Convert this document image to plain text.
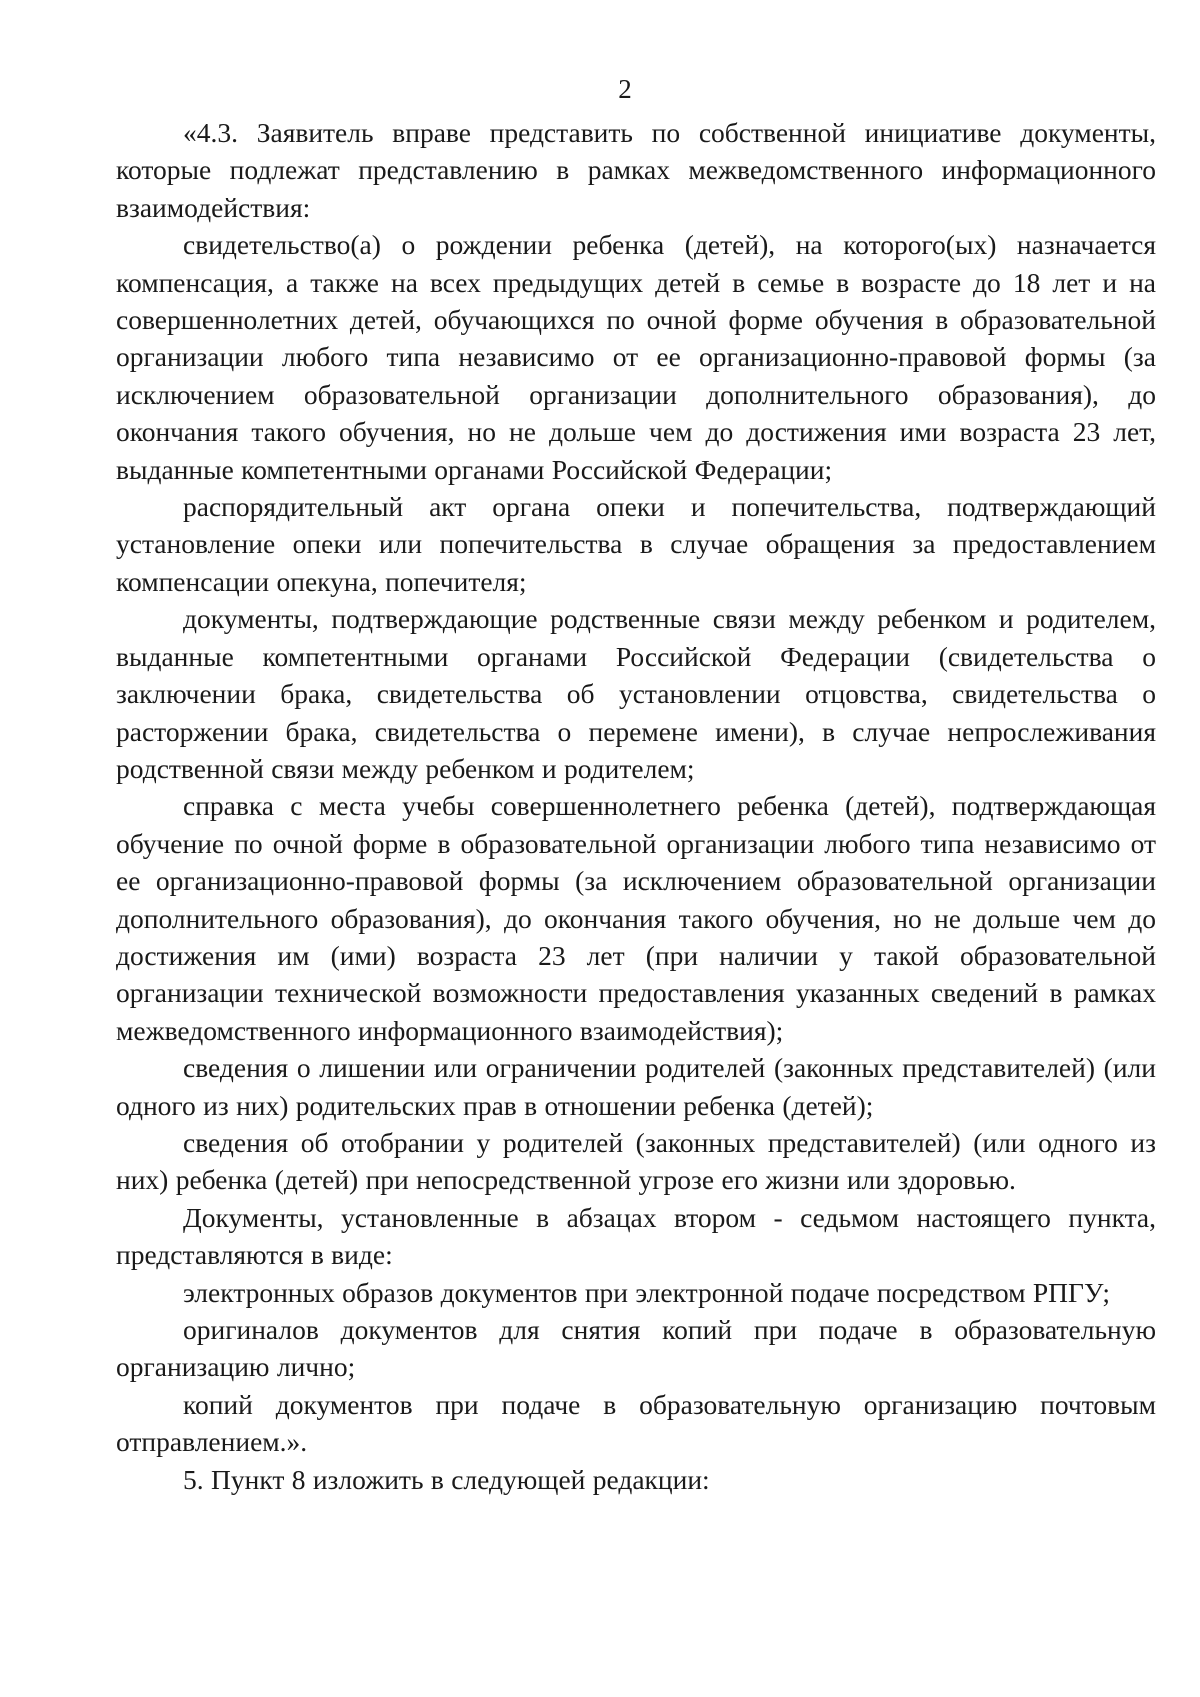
2

«4.3. Заявитель вправе представить по собственной инициативе документы, которые подлежат представлению в рамках межведомственного информационного взаимодействия:

свидетельство(а) о рождении ребенка (детей), на которого(ых) назначается компенсация, а также на всех предыдущих детей в семье в возрасте до 18 лет и на совершеннолетних детей, обучающихся по очной форме обучения в образовательной организации любого типа независимо от ее организационно-правовой формы (за исключением образовательной организации дополнительного образования), до окончания такого обучения, но не дольше чем до достижения ими возраста 23 лет, выданные компетентными органами Российской Федерации;

распорядительный акт органа опеки и попечительства, подтверждающий установление опеки или попечительства в случае обращения за предоставлением компенсации опекуна, попечителя;

документы, подтверждающие родственные связи между ребенком и родителем, выданные компетентными органами Российской Федерации (свидетельства о заключении брака, свидетельства об установлении отцовства, свидетельства о расторжении брака, свидетельства о перемене имени), в случае непрослеживания родственной связи между ребенком и родителем;

справка с места учебы совершеннолетнего ребенка (детей), подтверждающая обучение по очной форме в образовательной организации любого типа независимо от ее организационно-правовой формы (за исключением образовательной организации дополнительного образования), до окончания такого обучения, но не дольше чем до достижения им (ими) возраста 23 лет (при наличии у такой образовательной организации технической возможности предоставления указанных сведений в рамках межведомственного информационного взаимодействия);

сведения о лишении или ограничении родителей (законных представителей) (или одного из них) родительских прав в отношении ребенка (детей);

сведения об отобрании у родителей (законных представителей) (или одного из них) ребенка (детей) при непосредственной угрозе его жизни или здоровью.

Документы, установленные в абзацах втором - седьмом настоящего пункта, представляются в виде:

электронных образов документов при электронной подаче посредством РПГУ;

оригиналов документов для снятия копий при подаче в образовательную организацию лично;

копий документов при подаче в образовательную организацию почтовым отправлением.».

5. Пункт 8 изложить в следующей редакции:
